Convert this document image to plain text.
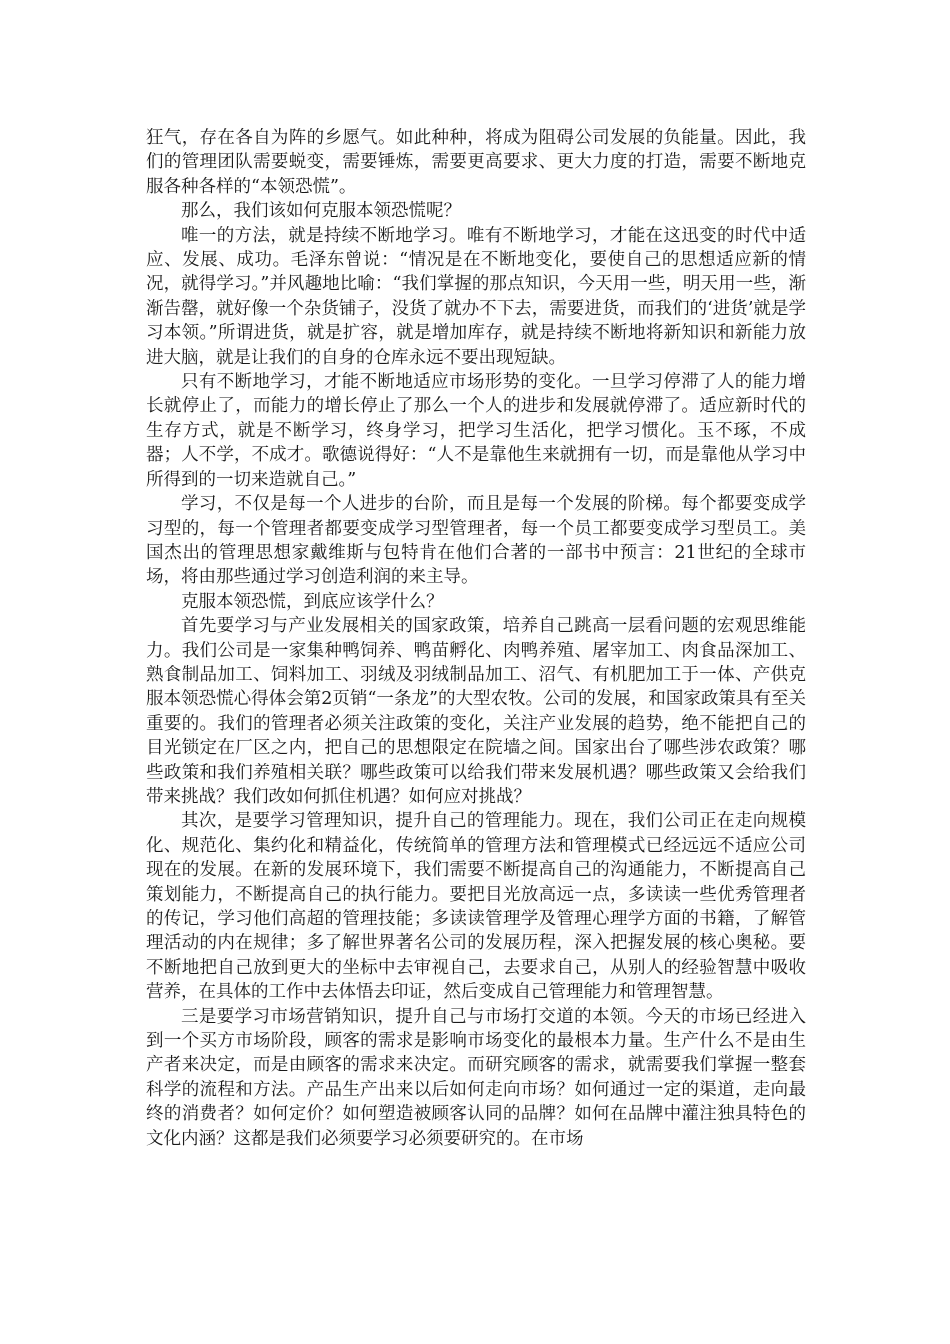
狂气，存在各自为阵的乡愿气。如此种种，将成为阻碍公司发展的负能量。因此，我们的管理团队需要蜕变，需要锤炼，需要更高要求、更大力度的打造，需要不断地克服各种各样的“本领恐慌”。

那么，我们该如何克服本领恐慌呢？

唯一的方法，就是持续不断地学习。唯有不断地学习，才能在这迅变的时代中适应、发展、成功。毛泽东曾说：“情况是在不断地变化，要使自己的思想适应新的情况，就得学习。”并风趣地比喻：“我们掌握的那点知识，今天用一些，明天用一些，渐渐告罄，就好像一个杂货铺子，没货了就办不下去，需要进货，而我们的‘进货’就是学习本领。”所谓进货，就是扩容，就是增加库存，就是持续不断地将新知识和新能力放进大脑，就是让我们的自身的仓库永远不要出现短缺。

只有不断地学习，才能不断地适应市场形势的变化。一旦学习停滞了人的能力增长就停止了，而能力的增长停止了那么一个人的进步和发展就停滞了。适应新时代的生存方式，就是不断学习，终身学习，把学习生活化，把学习惯化。玉不琢，不成器；人不学，不成才。歌德说得好：“人不是靠他生来就拥有一切，而是靠他从学习中所得到的一切来造就自己。”

学习，不仅是每一个人进步的台阶，而且是每一个发展的阶梯。每个都要变成学习型的，每一个管理者都要变成学习型管理者，每一个员工都要变成学习型员工。美国杰出的管理思想家戴维斯与包特肯在他们合著的一部书中预言：21世纪的全球市场，将由那些通过学习创造利润的来主导。

克服本领恐慌，到底应该学什么？

首先要学习与产业发展相关的国家政策，培养自己跳高一层看问题的宏观思维能力。我们公司是一家集种鸭饲养、鸭苗孵化、肉鸭养殖、屠宰加工、肉食品深加工、熟食制品加工、饲料加工、羽绒及羽绒制品加工、沼气、有机肥加工于一体、产供克服本领恐慌心得体会第2页销“一条龙”的大型农牧。公司的发展，和国家政策具有至关重要的。我们的管理者必须关注政策的变化，关注产业发展的趋势，绝不能把自己的目光锁定在厂区之内，把自己的思想限定在院墙之间。国家出台了哪些涉农政策？哪些政策和我们养殖相关联？哪些政策可以给我们带来发展机遇？哪些政策又会给我们带来挑战？我们改如何抓住机遇？如何应对挑战？

其次，是要学习管理知识，提升自己的管理能力。现在，我们公司正在走向规模化、规范化、集约化和精益化，传统简单的管理方法和管理模式已经远远不适应公司现在的发展。在新的发展环境下，我们需要不断提高自己的沟通能力，不断提高自己策划能力，不断提高自己的执行能力。要把目光放高远一点，多读读一些优秀管理者的传记，学习他们高超的管理技能；多读读管理学及管理心理学方面的书籍，了解管理活动的内在规律；多了解世界著名公司的发展历程，深入把握发展的核心奥秘。要不断地把自己放到更大的坐标中去审视自己，去要求自己，从别人的经验智慧中吸收营养，在具体的工作中去体悟去印证，然后变成自己管理能力和管理智慧。

三是要学习市场营销知识，提升自己与市场打交道的本领。今天的市场已经进入到一个买方市场阶段，顾客的需求是影响市场变化的最根本力量。生产什么不是由生产者来决定，而是由顾客的需求来决定。而研究顾客的需求，就需要我们掌握一整套科学的流程和方法。产品生产出来以后如何走向市场？如何通过一定的渠道，走向最终的消费者？如何定价？如何塑造被顾客认同的品牌？如何在品牌中灌注独具特色的文化内涵？这都是我们必须要学习必须要研究的。在市场
